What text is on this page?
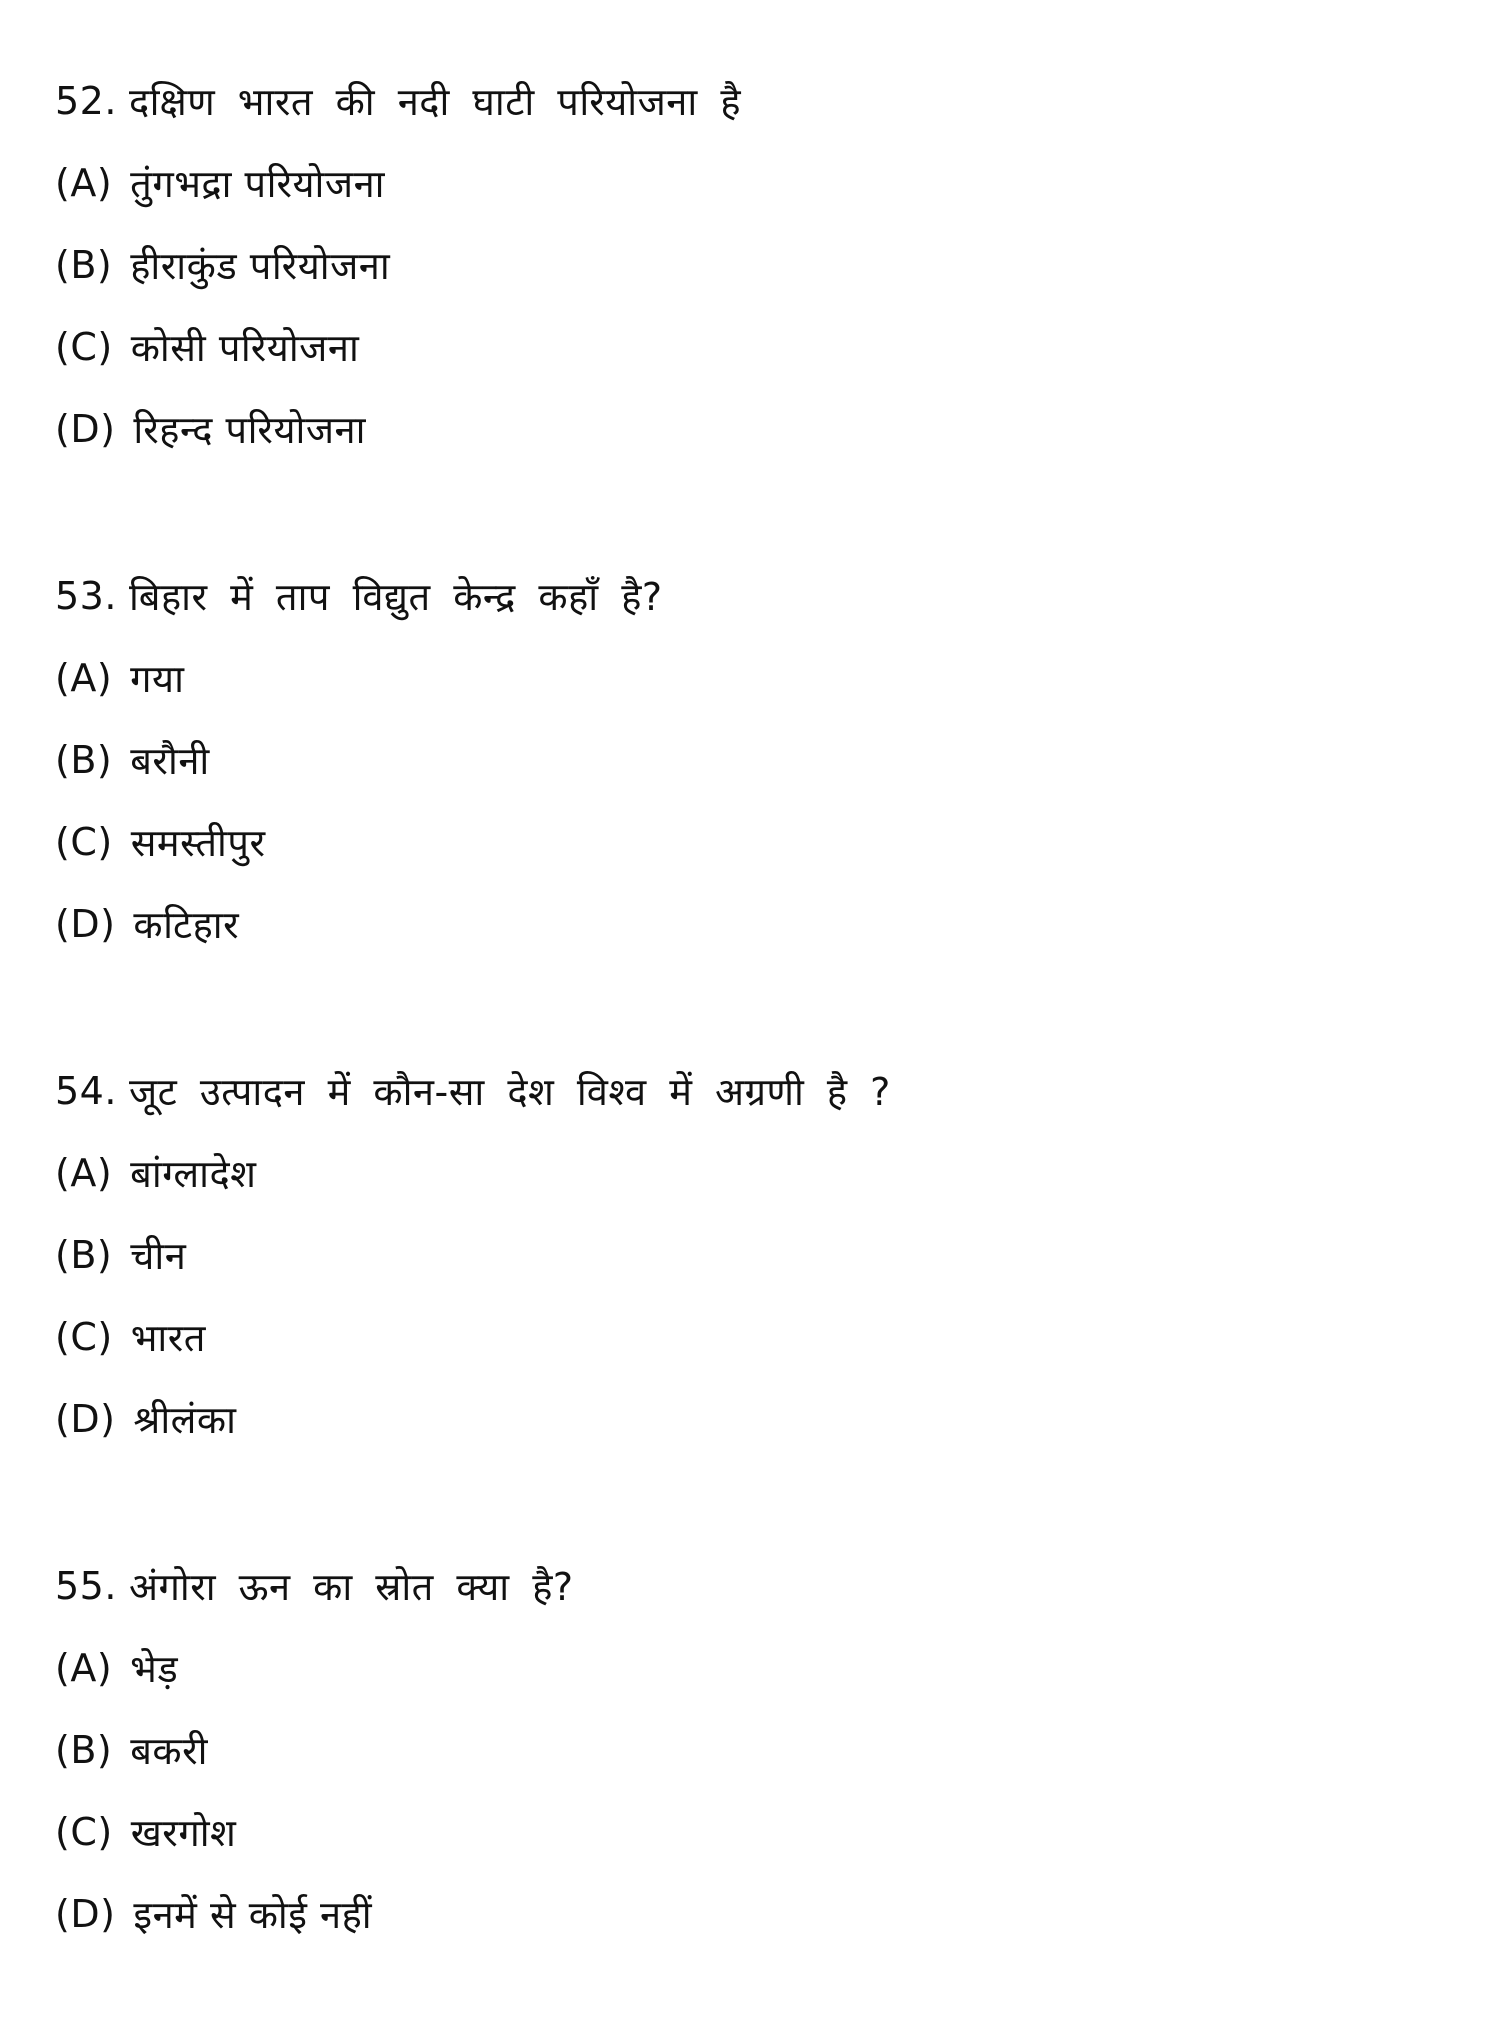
52. दक्षिण भारत की नदी घाटी परियोजना है
(A) तुंगभद्रा परियोजना
(B) हीराकुंड परियोजना
(C) कोसी परियोजना
(D) रिहन्द परियोजना
53. बिहार में ताप विद्युत केन्द्र कहाँ है?
(A) गया
(B) बरौनी
(C) समस्तीपुर
(D) कटिहार
54. जूट उत्पादन में कौन-सा देश विश्व में अग्रणी है ?
(A) बांग्लादेश
(B) चीन
(C) भारत
(D) श्रीलंका
55. अंगोरा ऊन का स्रोत क्या है?
(A) भेड़
(B) बकरी
(C) खरगोश
(D) इनमें से कोई नहीं
